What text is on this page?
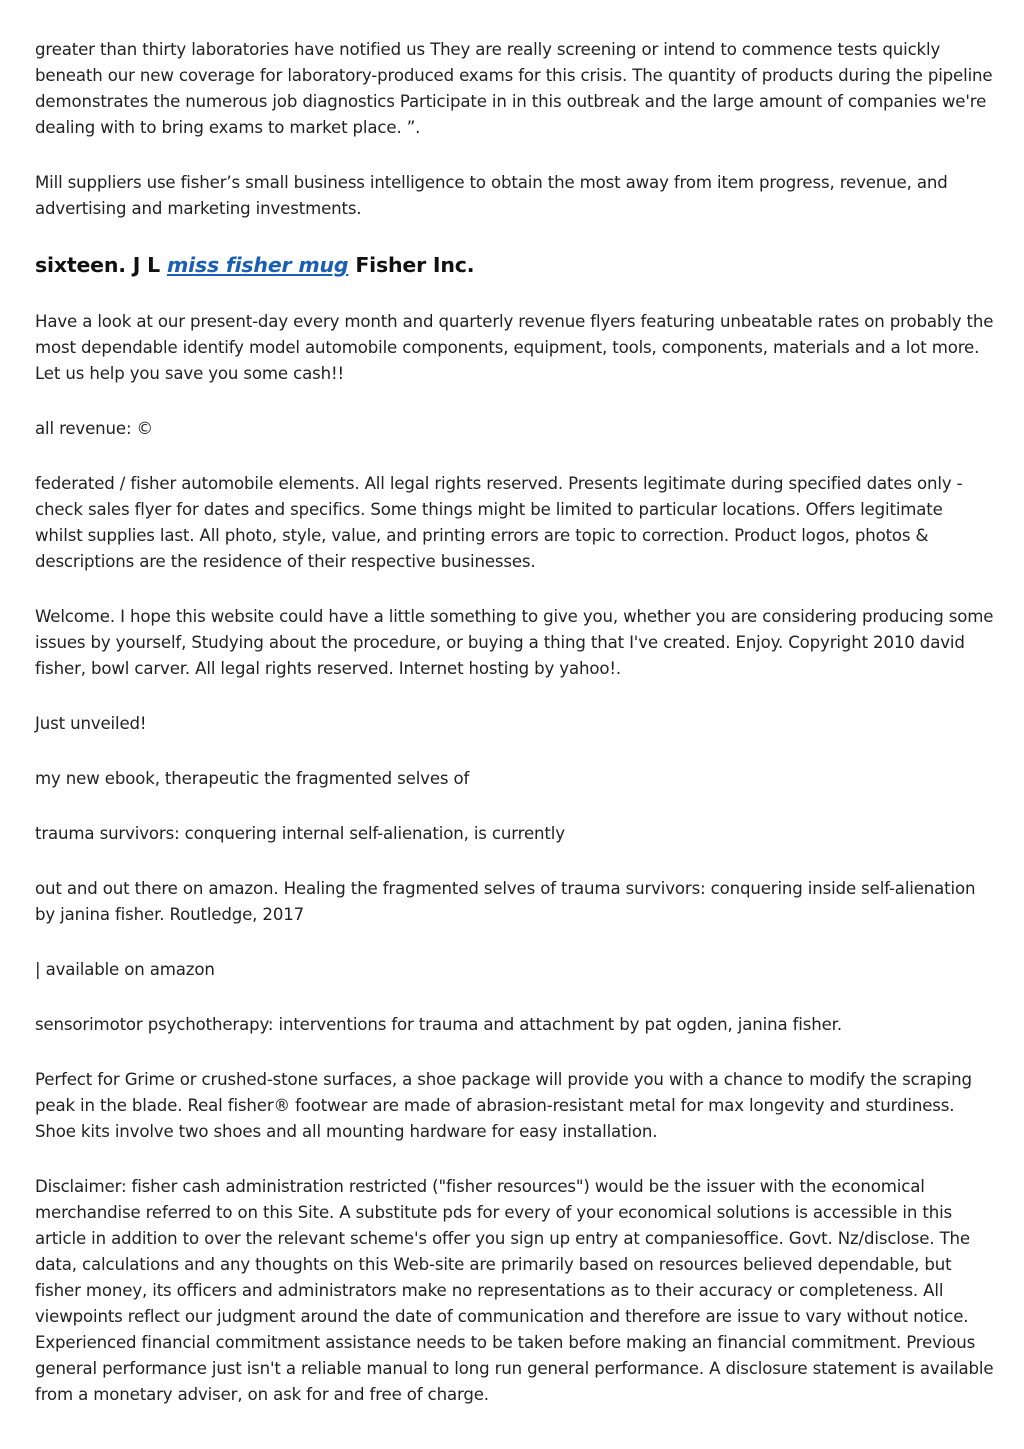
greater than thirty laboratories have notified us They are really screening or intend to commence tests quickly beneath our new coverage for laboratory-produced exams for this crisis. The quantity of products during the pipeline demonstrates the numerous job diagnostics Participate in in this outbreak and the large amount of companies we're dealing with to bring exams to market place. ”.

Mill suppliers use fisher’s small business intelligence to obtain the most away from item progress, revenue, and advertising and marketing investments.

sixteen. J L miss fisher mug Fisher Inc.

Have a look at our present-day every month and quarterly revenue flyers featuring unbeatable rates on probably the most dependable identify model automobile components, equipment, tools, components, materials and a lot more. Let us help you save you some cash!!

all revenue: ©

federated / fisher automobile elements. All legal rights reserved. Presents legitimate during specified dates only - check sales flyer for dates and specifics. Some things might be limited to particular locations. Offers legitimate whilst supplies last. All photo, style, value, and printing errors are topic to correction. Product logos, photos & descriptions are the residence of their respective businesses.

Welcome. I hope this website could have a little something to give you, whether you are considering producing some issues by yourself, Studying about the procedure, or buying a thing that I've created. Enjoy. Copyright 2010 david fisher, bowl carver. All legal rights reserved. Internet hosting by yahoo!.

Just unveiled!

my new ebook, therapeutic the fragmented selves of

trauma survivors: conquering internal self-alienation, is currently

out and out there on amazon. Healing the fragmented selves of trauma survivors: conquering inside self-alienation by janina fisher. Routledge, 2017

| available on amazon

sensorimotor psychotherapy: interventions for trauma and attachment by pat ogden, janina fisher.

Perfect for Grime or crushed-stone surfaces, a shoe package will provide you with a chance to modify the scraping peak in the blade. Real fisher® footwear are made of abrasion-resistant metal for max longevity and sturdiness. Shoe kits involve two shoes and all mounting hardware for easy installation.

Disclaimer: fisher cash administration restricted ("fisher resources") would be the issuer with the economical merchandise referred to on this Site. A substitute pds for every of your economical solutions is accessible in this article in addition to over the relevant scheme's offer you sign up entry at companiesoffice. Govt. Nz/disclose. The data, calculations and any thoughts on this Web-site are primarily based on resources believed dependable, but fisher money, its officers and administrators make no representations as to their accuracy or completeness. All viewpoints reflect our judgment around the date of communication and therefore are issue to vary without notice. Experienced financial commitment assistance needs to be taken before making an financial commitment. Previous general performance just isn't a reliable manual to long run general performance. A disclosure statement is available from a monetary adviser, on ask for and free of charge.
